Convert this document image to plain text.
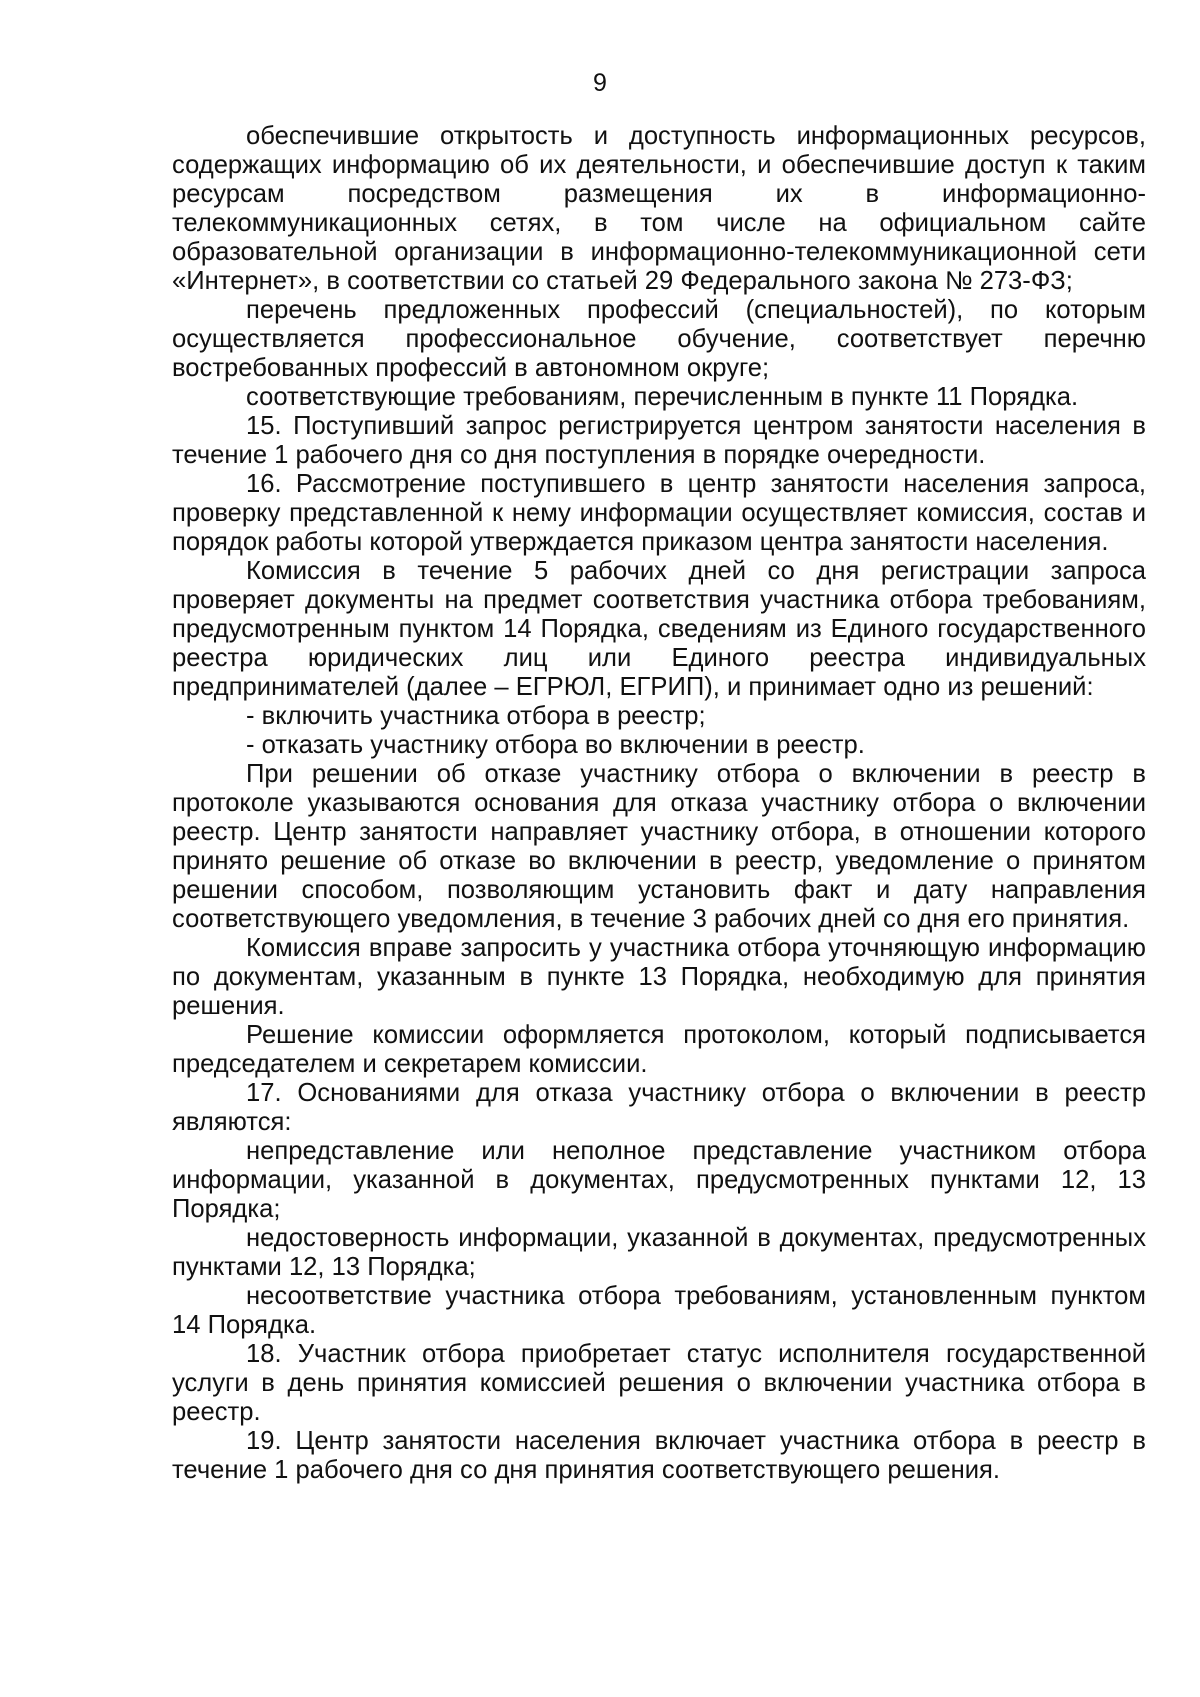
9

обеспечившие открытость и доступность информационных ресурсов, содержащих информацию об их деятельности, и обеспечившие доступ к таким ресурсам посредством размещения их в информационно-телекоммуникационных сетях, в том числе на официальном сайте образовательной организации в информационно-телекоммуникационной сети «Интернет», в соответствии со статьей 29 Федерального закона № 273-ФЗ;

перечень предложенных профессий (специальностей), по которым осуществляется профессиональное обучение, соответствует перечню востребованных профессий в автономном округе;

соответствующие требованиям, перечисленным в пункте 11 Порядка.

15. Поступивший запрос регистрируется центром занятости населения в течение 1 рабочего дня со дня поступления в порядке очередности.

16. Рассмотрение поступившего в центр занятости населения запроса, проверку представленной к нему информации осуществляет комиссия, состав и порядок работы которой утверждается приказом центра занятости населения.

Комиссия в течение 5 рабочих дней со дня регистрации запроса проверяет документы на предмет соответствия участника отбора требованиям, предусмотренным пунктом 14 Порядка, сведениям из Единого государственного реестра юридических лиц или Единого реестра индивидуальных предпринимателей (далее – ЕГРЮЛ, ЕГРИП), и принимает одно из решений:

- включить участника отбора в реестр;

- отказать участнику отбора во включении в реестр.

При решении об отказе участнику отбора о включении в реестр в протоколе указываются основания для отказа участнику отбора о включении реестр. Центр занятости направляет участнику отбора, в отношении которого принято решение об отказе во включении в реестр, уведомление о принятом решении способом, позволяющим установить факт и дату направления соответствующего уведомления, в течение 3 рабочих дней со дня его принятия.

Комиссия вправе запросить у участника отбора уточняющую информацию по документам, указанным в пункте 13 Порядка, необходимую для принятия решения.

Решение комиссии оформляется протоколом, который подписывается председателем и секретарем комиссии.

17. Основаниями для отказа участнику отбора о включении в реестр являются:

непредставление или неполное представление участником отбора информации, указанной в документах, предусмотренных пунктами 12, 13 Порядка;

недостоверность информации, указанной в документах, предусмотренных пунктами 12, 13 Порядка;

несоответствие участника отбора требованиям, установленным пунктом 14 Порядка.

18. Участник отбора приобретает статус исполнителя государственной услуги в день принятия комиссией решения о включении участника отбора в реестр.

19. Центр занятости населения включает участника отбора в реестр в течение 1 рабочего дня со дня принятия соответствующего решения.
